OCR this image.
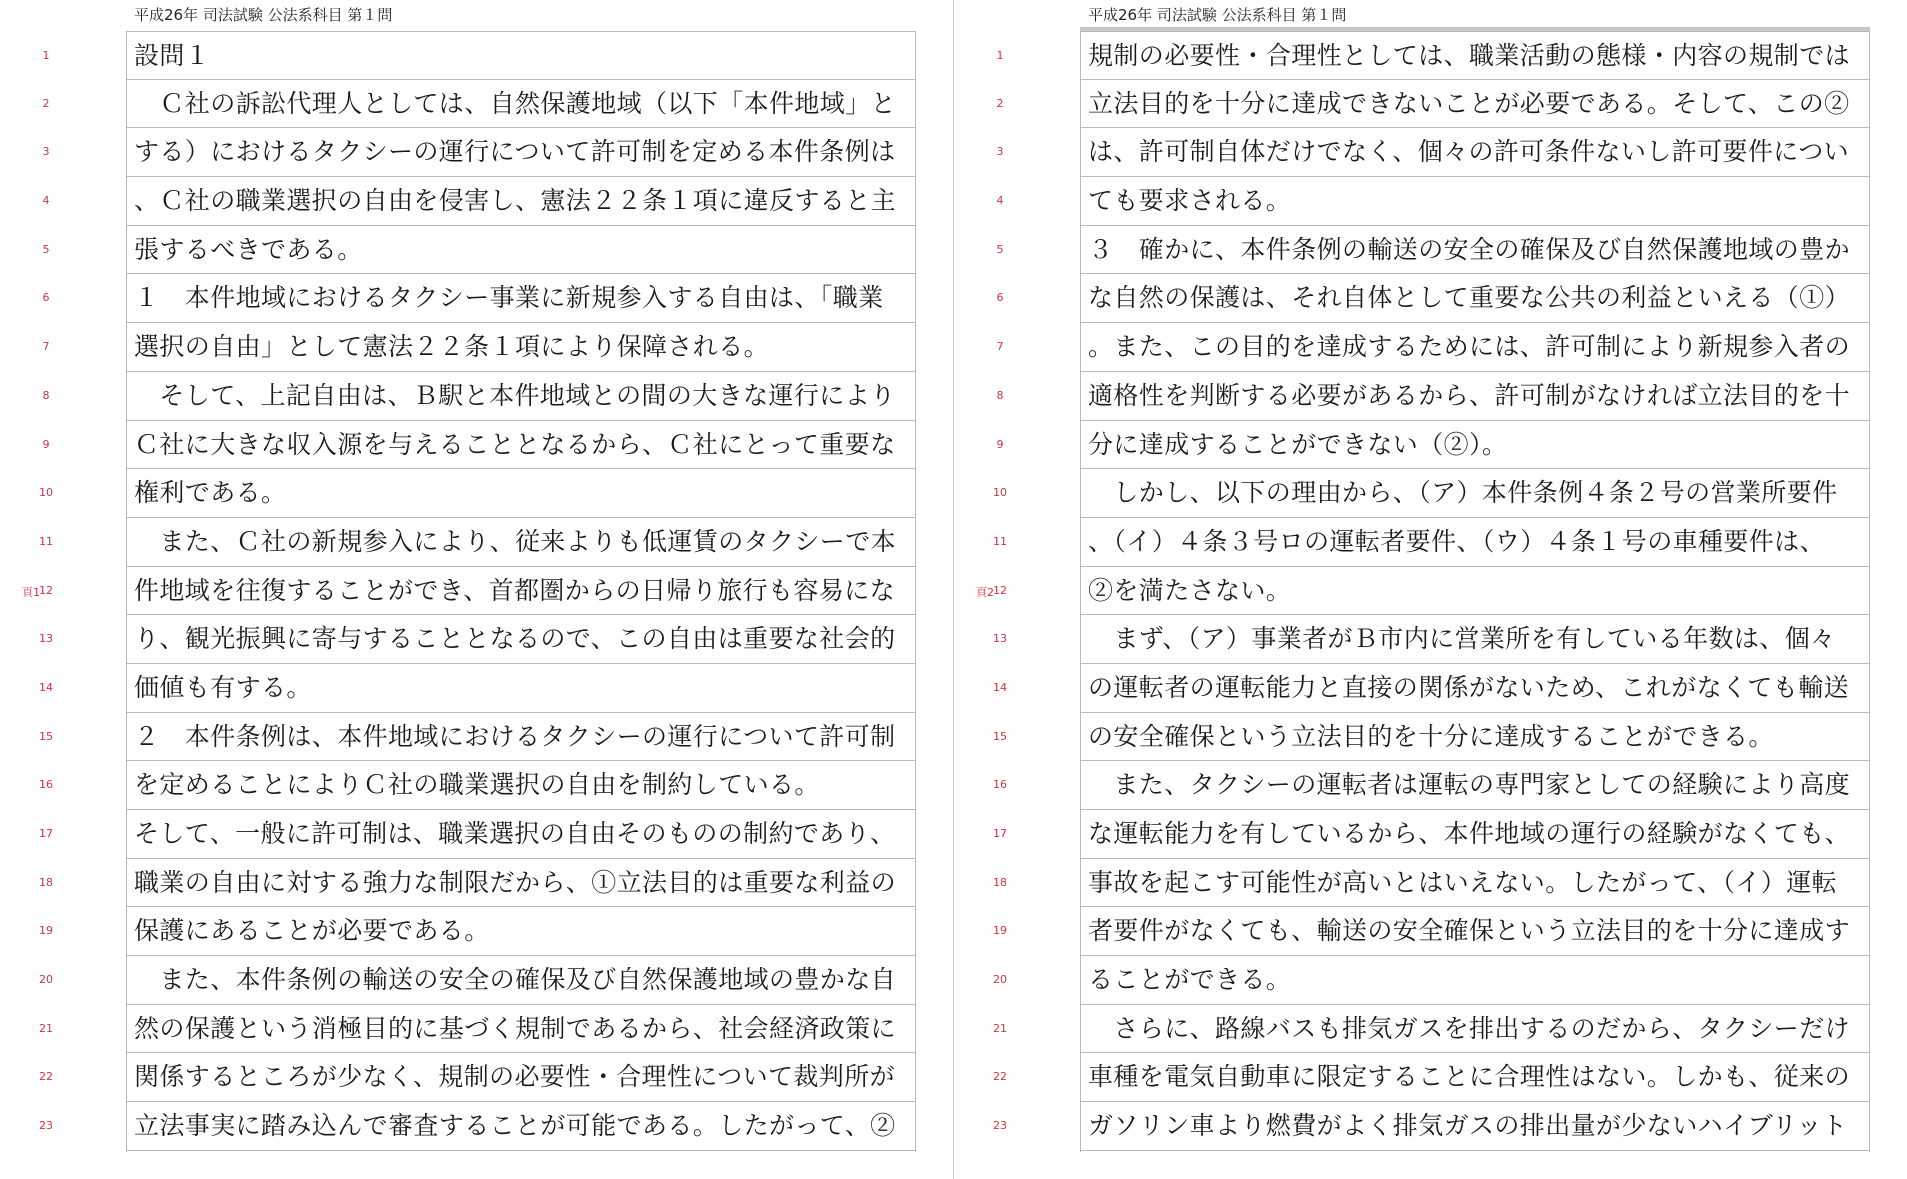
平成26年 司法試験 公法系科目 第１問
1	設問１
2	　Ｃ社の訴訟代理人としては、自然保護地域（以下「本件地域」と
3	する）におけるタクシーの運行について許可制を定める本件条例は
4	、Ｃ社の職業選択の自由を侵害し、憲法２２条１項に違反すると主
5	張するべきである。
6	１　本件地域におけるタクシー事業に新規参入する自由は、「職業
7	選択の自由」として憲法２２条１項により保障される。
8	　そして、上記自由は、Ｂ駅と本件地域との間の大きな運行により
9	Ｃ社に大きな収入源を与えることとなるから、Ｃ社にとって重要な
10	権利である。
11	　また、Ｃ社の新規参入により、従来よりも低運賃のタクシーで本
12	件地域を往復することができ、首都圏からの日帰り旅行も容易にな
13	り、観光振興に寄与することとなるので、この自由は重要な社会的
14	価値も有する。
15	２　本件条例は、本件地域におけるタクシーの運行について許可制
16	を定めることによりＣ社の職業選択の自由を制約している。
17	そして、一般に許可制は、職業選択の自由そのものの制約であり、
18	職業の自由に対する強力な制限だから、①立法目的は重要な利益の
19	保護にあることが必要である。
20	　また、本件条例の輸送の安全の確保及び自然保護地域の豊かな自
21	然の保護という消極目的に基づく規制であるから、社会経済政策に
22	関係するところが少なく、規制の必要性・合理性について裁判所が
23	立法事実に踏み込んで審査することが可能である。したがって、②
頁1
平成26年 司法試験 公法系科目 第１問
1	規制の必要性・合理性としては、職業活動の態様・内容の規制では
2	立法目的を十分に達成できないことが必要である。そして、この②
3	は、許可制自体だけでなく、個々の許可条件ないし許可要件につい
4	ても要求される。
5	３　確かに、本件条例の輸送の安全の確保及び自然保護地域の豊か
6	な自然の保護は、それ自体として重要な公共の利益といえる（①）
7	。また、この目的を達成するためには、許可制により新規参入者の
8	適格性を判断する必要があるから、許可制がなければ立法目的を十
9	分に達成することができない（②）。
10	　しかし、以下の理由から、（ア）本件条例４条２号の営業所要件
11	、（イ）４条３号ロの運転者要件、（ウ）４条１号の車種要件は、
12	②を満たさない。
13	　まず、（ア）事業者がＢ市内に営業所を有している年数は、個々
14	の運転者の運転能力と直接の関係がないため、これがなくても輸送
15	の安全確保という立法目的を十分に達成することができる。
16	　また、タクシーの運転者は運転の専門家としての経験により高度
17	な運転能力を有しているから、本件地域の運行の経験がなくても、
18	事故を起こす可能性が高いとはいえない。したがって、（イ）運転
19	者要件がなくても、輸送の安全確保という立法目的を十分に達成す
20	ることができる。
21	　さらに、路線バスも排気ガスを排出するのだから、タクシーだけ
22	車種を電気自動車に限定することに合理性はない。しかも、従来の
23	ガソリン車より燃費がよく排気ガスの排出量が少ないハイブリット
頁2
